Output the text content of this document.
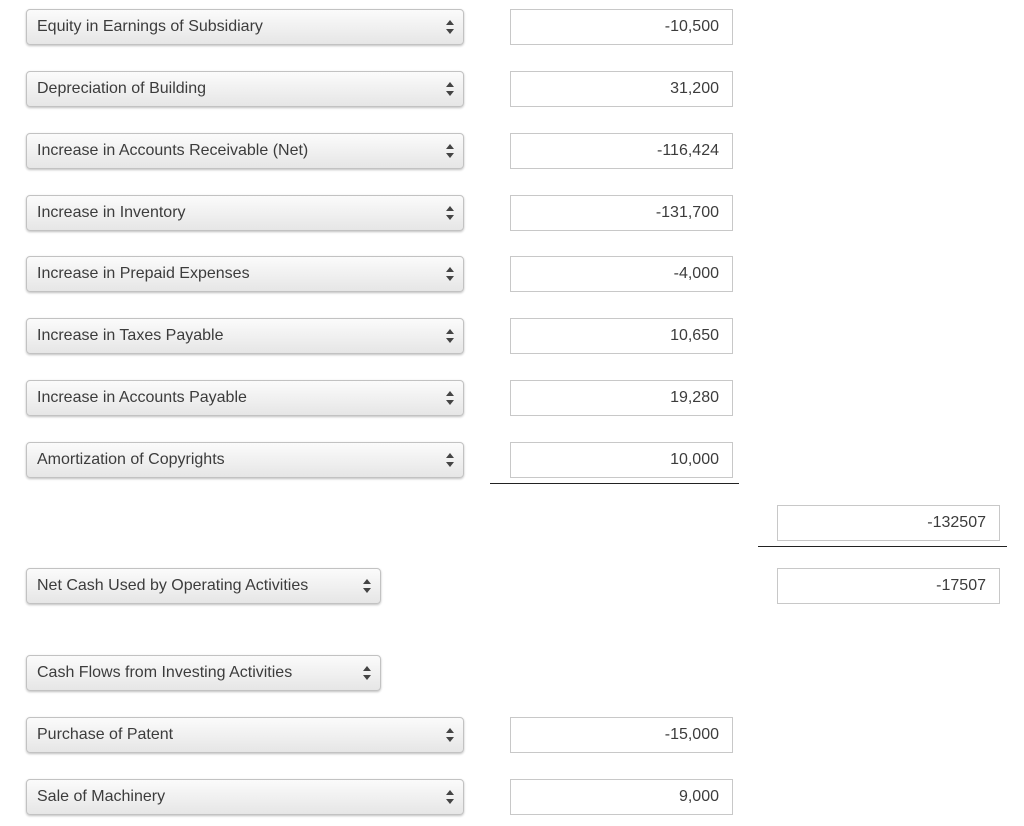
Equity in Earnings of Subsidiary	-10,500
Depreciation of Building	31,200
Increase in Accounts Receivable (Net)	-116,424
Increase in Inventory	-131,700
Increase in Prepaid Expenses	-4,000
Increase in Taxes Payable	10,650
Increase in Accounts Payable	19,280
Amortization of Copyrights	10,000
-132507
Net Cash Used by Operating Activities	-17507
Cash Flows from Investing Activities
Purchase of Patent	-15,000
Sale of Machinery	9,000
